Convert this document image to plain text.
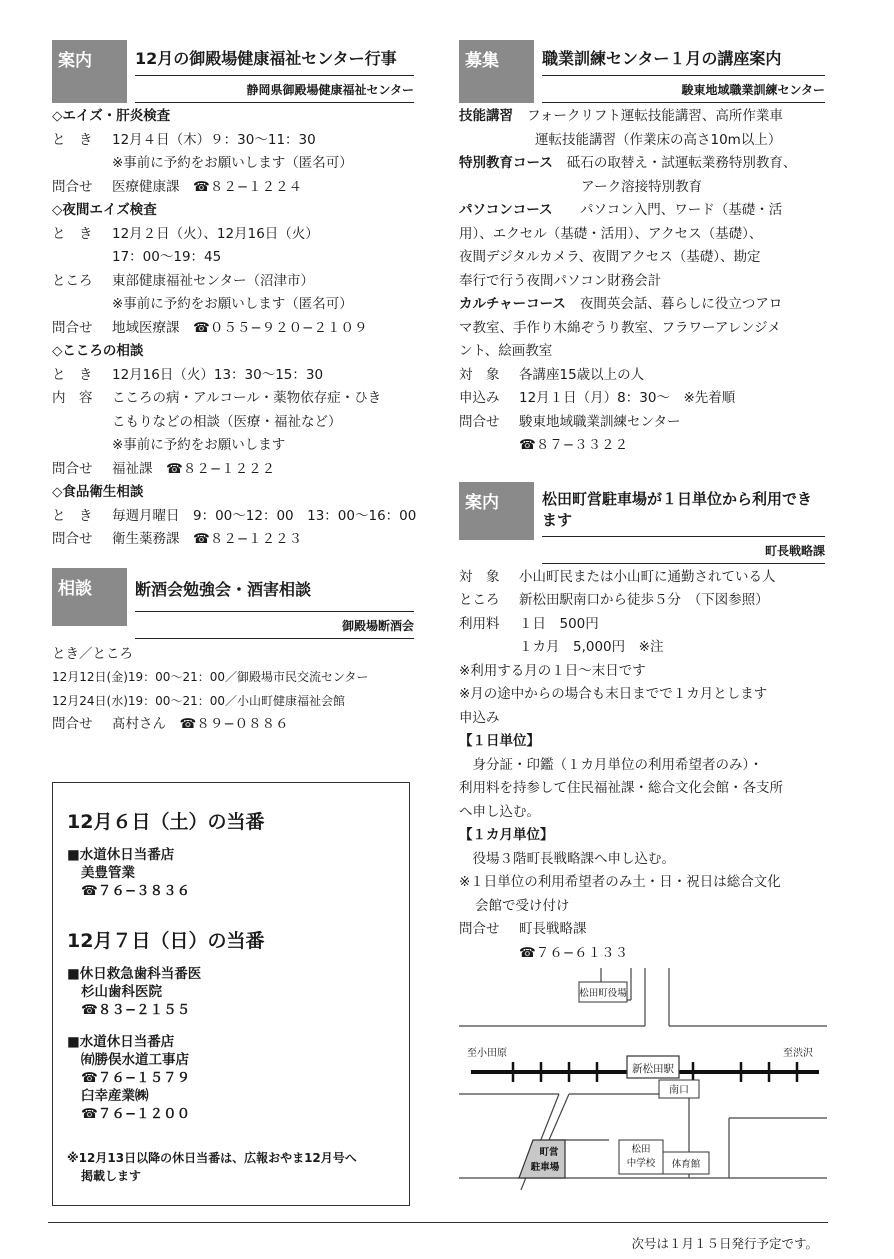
案内	12月の御殿場健康福祉センター行事
静岡県御殿場健康福祉センター
◇エイズ・肝炎検査
と　き 12月４日（木）９：30〜11：30
※事前に予約をお願いします（匿名可）
問合せ 医療健康課　☎８２−１２２４
◇夜間エイズ検査
と　き 12月２日（火）、12月16日（火）
17：00〜19：45
ところ 東部健康福祉センター（沼津市）
※事前に予約をお願いします（匿名可）
問合せ 地域医療課　☎０５５−９２０−２１０９
◇こころの相談
と　き 12月16日（火）13：30〜15：30
内　容 こころの病・アルコール・薬物依存症・ひき
こもりなどの相談（医療・福祉など）
※事前に予約をお願いします
問合せ 福祉課　☎８２−１２２２
◇食品衛生相談
と　き 毎週月曜日　9：00〜12：00　13：00〜16：00
問合せ 衛生薬務課　☎８２−１２２３
相談	断酒会勉強会・酒害相談
御殿場断酒会
とき／ところ
12月12日(金)19：00〜21：00／御殿場市民交流センター
12月24日(水)19：00〜21：00／小山町健康福祉会館
問合せ 髙村さん　☎８９−０８８６
12月６日（土）の当番
■水道休日当番店
美豊管業
☎７６−３８３６
12月７日（日）の当番
■休日救急歯科当番医
杉山歯科医院
☎８３−２１５５
■水道休日当番店
㈲勝俣水道工事店
☎７６−１５７９
臼幸産業㈱
☎７６−１２００
※12月13日以降の休日当番は、広報おやま12月号へ
掲載します
募集	職業訓練センター１月の講座案内
駿東地域職業訓練センター
技能講習 フォークリフト運転技能講習、高所作業車
運転技能講習（作業床の高さ10m以上）
特別教育コース 砥石の取替え・試運転業務特別教育、
アーク溶接特別教育
パソコンコース　パソコン入門、ワード（基礎・活
用）、エクセル（基礎・活用）、アクセス（基礎）、
夜間デジタルカメラ、夜間アクセス（基礎）、勘定
奉行で行う夜間パソコン財務会計
カルチャーコース 夜間英会話、暮らしに役立つアロ
マ教室、手作り木綿ぞうり教室、フラワーアレンジメ
ント、絵画教室
対　象 各講座15歳以上の人
申込み 12月１日（月）8：30〜　※先着順
問合せ 駿東地域職業訓練センター
☎８７−３３２２
案内	松田町営駐車場が１日単位から利用できます
町長戦略課
対　象 小山町民または小山町に通勤されている人
ところ 新松田駅南口から徒歩５分　（下図参照）
利用料 １日　500円
１カ月　5,000円　※注
※利用する月の１日〜末日です
※月の途中からの場合も末日までで１カ月とします
申込み
【１日単位】
　身分証・印鑑（１カ月単位の利用希望者のみ）・
利用料を持参して住民福祉課・総合文化会館・各支所
へ申し込む。
【１カ月単位】
　役場３階町長戦略課へ申し込む。
※１日単位の利用希望者のみ土・日・祝日は総合文化
会館で受け付け
問合せ 町長戦略課
☎７６−６１３３
松田町役場
至小田原	至渋沢
新松田駅
南口
町営
駐車場
松田
中学校 体育館
次号は１月１５日発行予定です。
